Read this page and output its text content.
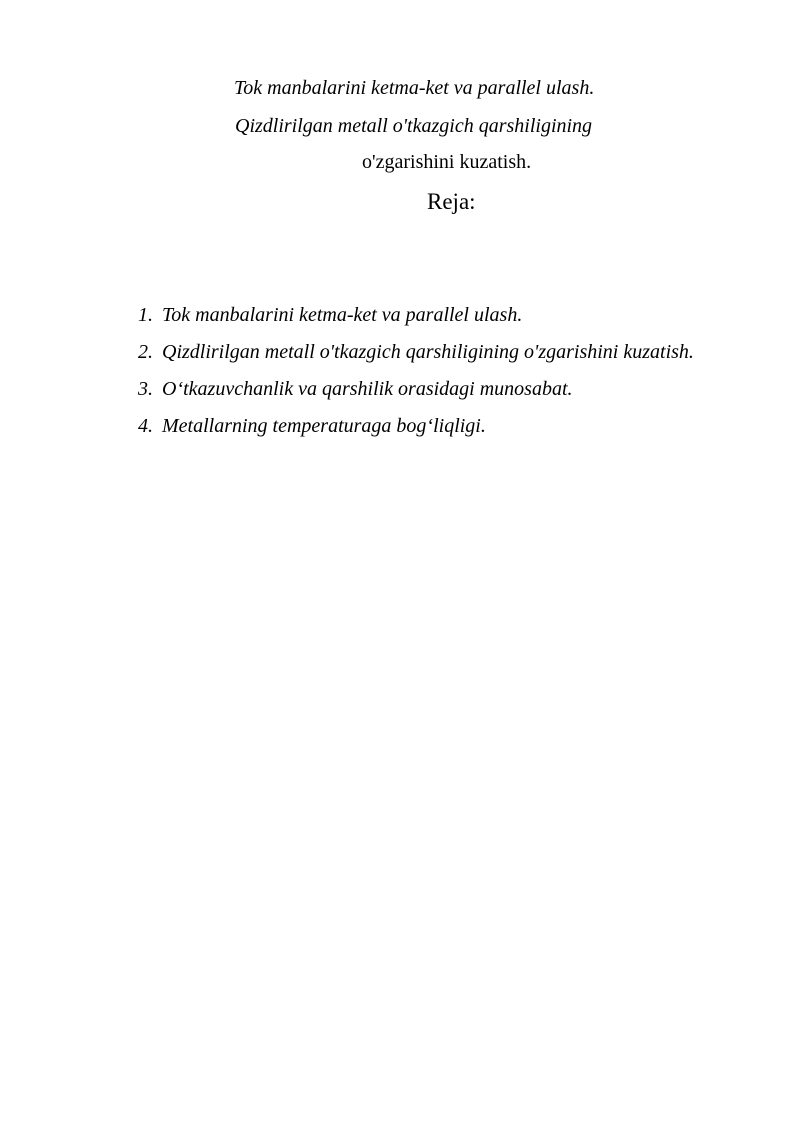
Tok manbalarini ketma-ket va parallel ulash.
Qizdlirilgan metall o'tkazgich qarshiligining
o'zgarishini kuzatish.
Reja:
1. Tok manbalarini ketma-ket va parallel ulash.
2. Qizdlirilgan metall o'tkazgich qarshiligining o'zgarishini kuzatish.
3. O‘tkazuvchanlik va qarshilik orasidagi munosabat.
4. Metallarning temperaturaga bog‘liqligi.
